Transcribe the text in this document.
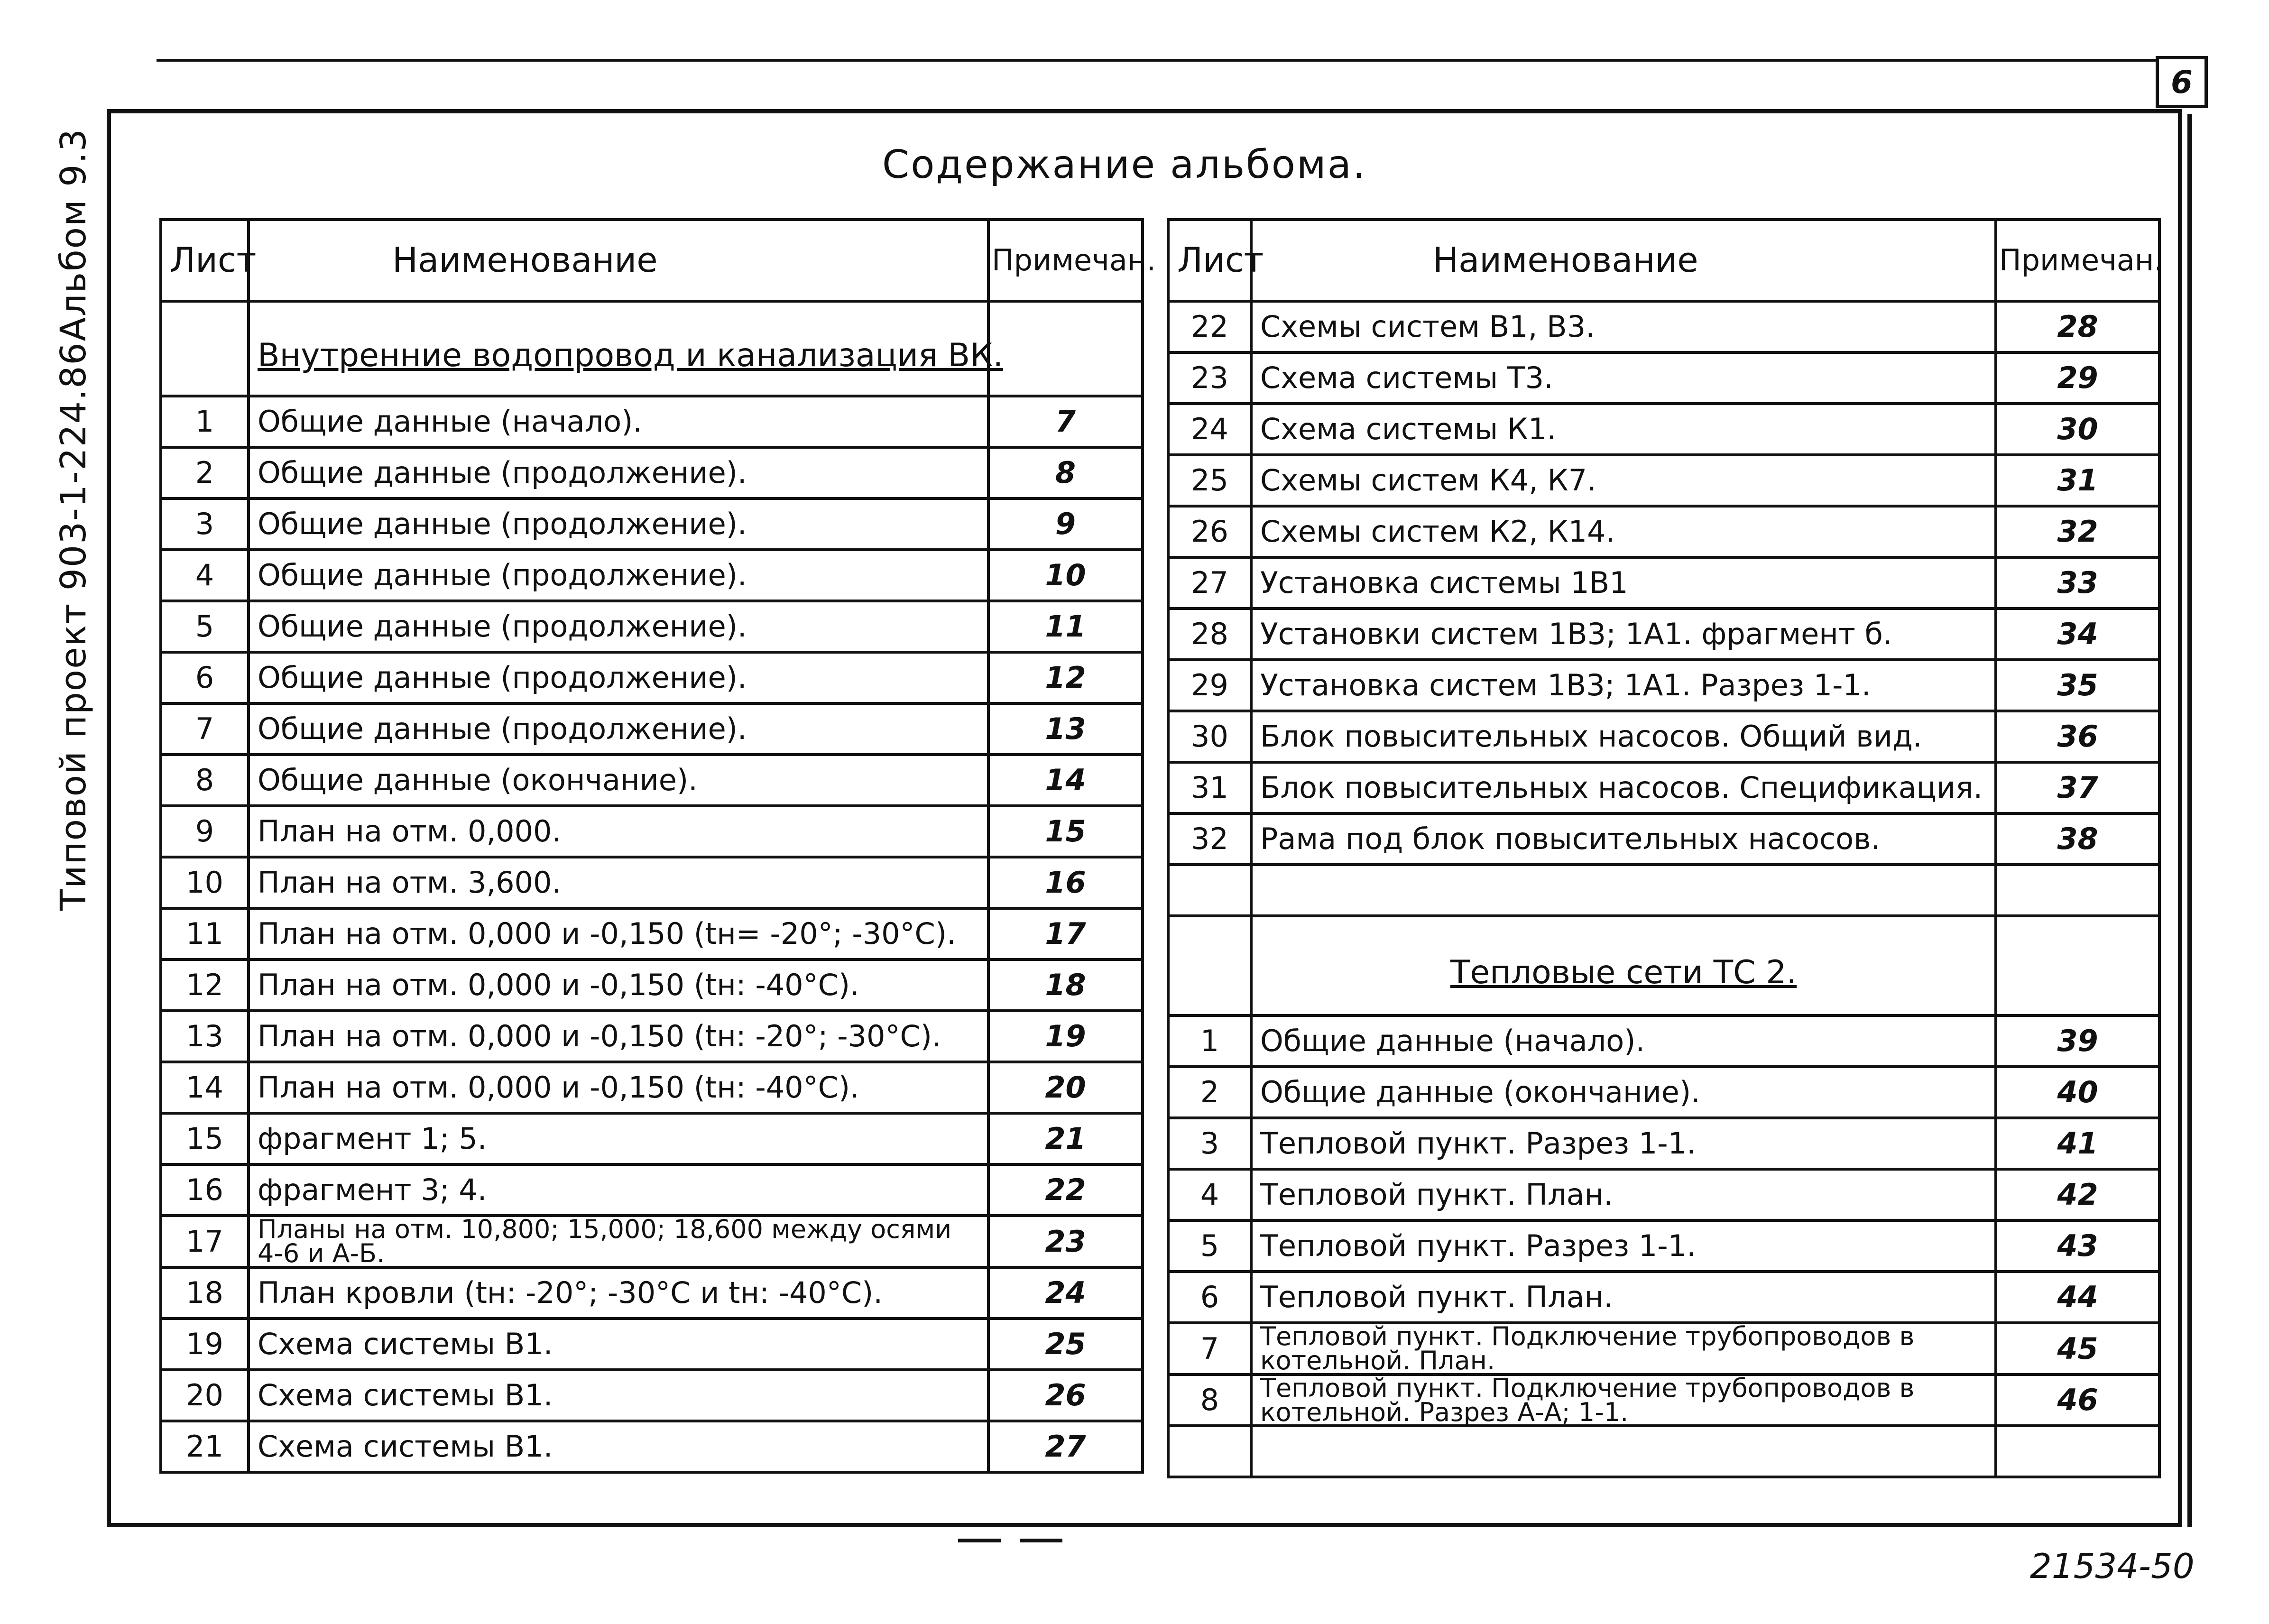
6
Типовой проект 903-1-224.86
Альбом 9.3	Содержание альбома.
Лист	Наименование	Примечан.
	Внутренние водопровод и канализация ВК.	
1	Общие данные (начало).	7
2	Общие данные (продолжение).	8
3	Общие данные (продолжение).	9
4	Общие данные (продолжение).	10
5	Общие данные (продолжение).	11
6	Общие данные (продолжение).	12
7	Общие данные (продолжение).	13
8	Общие данные (окончание).	14
9	План на отм. 0,000.	15
10	План на отм. 3,600.	16
11	План на отм. 0,000 и -0,150 (tн= -20°; -30°С).	17
12	План на отм. 0,000 и -0,150 (tн: -40°С).	18
13	План на отм. 0,000 и -0,150 (tн: -20°; -30°С).	19
14	План на отм. 0,000 и -0,150 (tн: -40°С).	20
15	фрагмент 1; 5.	21
16	фрагмент 3; 4.	22
17	Планы на отм. 10,800; 15,000; 18,600 между осями 4-6 и А-Б.	23
18	План кровли (tн: -20°; -30°С и tн: -40°С).	24
19	Схема системы В1.	25
20	Схема системы В1.	26
21	Схема системы В1.	27
Лист	Наименование	Примечан.
22	Схемы систем В1, В3.	28
23	Схема системы Т3.	29
24	Схема системы К1.	30
25	Схемы систем К4, К7.	31
26	Схемы систем К2, К14.	32
27	Установка системы 1В1	33
28	Установки систем 1В3; 1А1. фрагмент б.	34
29	Установка систем 1В3; 1А1. Разрез 1-1.	35
30	Блок повысительных насосов. Общий вид.	36
31	Блок повысительных насосов. Спецификация.	37
32	Рама под блок повысительных насосов.	38

	Тепловые сети ТС 2.	
1	Общие данные (начало).	39
2	Общие данные (окончание).	40
3	Тепловой пункт. Разрез 1-1.	41
4	Тепловой пункт. План.	42
5	Тепловой пункт. Разрез 1-1.	43
6	Тепловой пункт. План.	44
7	Тепловой пункт. Подключение трубопроводов в котельной. План.	45
8	Тепловой пункт. Подключение трубопроводов в котельной. Разрез А-А; 1-1.	46

21534-50
